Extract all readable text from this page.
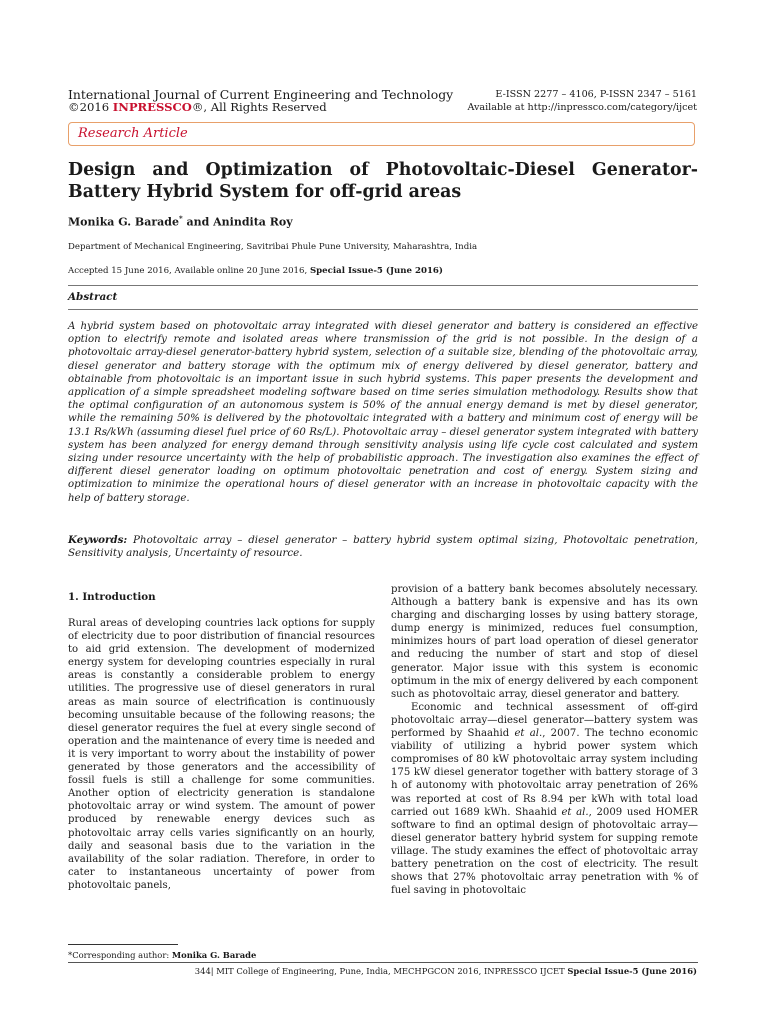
International Journal of Current Engineering and Technology
©2016 INPRESSCO®, All Rights Reserved
E-ISSN 2277 – 4106, P-ISSN 2347 – 5161
Available at http://inpressco.com/category/ijcet
Research Article
Design and Optimization of Photovoltaic-Diesel Generator-Battery Hybrid System for off-grid areas
Monika G. Barade* and Anindita Roy
Department of Mechanical Engineering, Savitribai Phule Pune University, Maharashtra, India
Accepted 15 June 2016, Available online 20 June 2016, Special Issue-5 (June 2016)
Abstract
A hybrid system based on photovoltaic array integrated with diesel generator and battery is considered an effective option to electrify remote and isolated areas where transmission of the grid is not possible. In the design of a photovoltaic array-diesel generator-battery hybrid system, selection of a suitable size, blending of the photovoltaic array, diesel generator and battery storage with the optimum mix of energy delivered by diesel generator, battery and obtainable from photovoltaic is an important issue in such hybrid systems. This paper presents the development and application of a simple spreadsheet modeling software based on time series simulation methodology. Results show that the optimal configuration of an autonomous system is 50% of the annual energy demand is met by diesel generator, while the remaining 50% is delivered by the photovoltaic integrated with a battery and minimum cost of energy will be 13.1 Rs/kWh (assuming diesel fuel price of 60 Rs/L). Photovoltaic array – diesel generator system integrated with battery system has been analyzed for energy demand through sensitivity analysis using life cycle cost calculated and system sizing under resource uncertainty with the help of probabilistic approach. The investigation also examines the effect of different diesel generator loading on optimum photovoltaic penetration and cost of energy. System sizing and optimization to minimize the operational hours of diesel generator with an increase in photovoltaic capacity with the help of battery storage.
Keywords: Photovoltaic array – diesel generator – battery hybrid system optimal sizing, Photovoltaic penetration, Sensitivity analysis, Uncertainty of resource.
1. Introduction

Rural areas of developing countries lack options for supply of electricity due to poor distribution of financial resources to aid grid extension. The development of modernized energy system for developing countries especially in rural areas is constantly a considerable problem to energy utilities. The progressive use of diesel generators in rural areas as main source of electrification is continuously becoming unsuitable because of the following reasons; the diesel generator requires the fuel at every single second of operation and the maintenance of every time is needed and it is very important to worry about the instability of power generated by those generators and the accessibility of fossil fuels is still a challenge for some communities. Another option of electricity generation is standalone photovoltaic array or wind system. The amount of power produced by renewable energy devices such as photovoltaic array cells varies significantly on an hourly, daily and seasonal basis due to the variation in the availability of the solar radiation. Therefore, in order to cater to instantaneous uncertainty of power from photovoltaic panels,

provision of a battery bank becomes absolutely necessary. Although a battery bank is expensive and has its own charging and discharging losses by using battery storage, dump energy is minimized, reduces fuel consumption, minimizes hours of part load operation of diesel generator and reducing the number of start and stop of diesel generator. Major issue with this system is economic optimum in the mix of energy delivered by each component such as photovoltaic array, diesel generator and battery.

Economic and technical assessment of off-gird photovoltaic array—diesel generator—battery system was performed by Shaahid et al., 2007. The techno economic viability of utilizing a hybrid power system which compromises of 80 kW photovoltaic array system including 175 kW diesel generator together with battery storage of 3 h of autonomy with photovoltaic array penetration of 26% was reported at cost of Rs 8.94 per kWh with total load carried out 1689 kWh. Shaahid et al., 2009 used HOMER software to find an optimal design of photovoltaic array—diesel generator battery hybrid system for supping remote village. The study examines the effect of photovoltaic array battery penetration on the cost of electricity. The result shows that 27% photovoltaic array penetration with % of fuel saving in photovoltaic

*Corresponding author: Monika G. Barade
344| MIT College of Engineering, Pune, India, MECHPGCON 2016, INPRESSCO IJCET Special Issue-5 (June 2016)
